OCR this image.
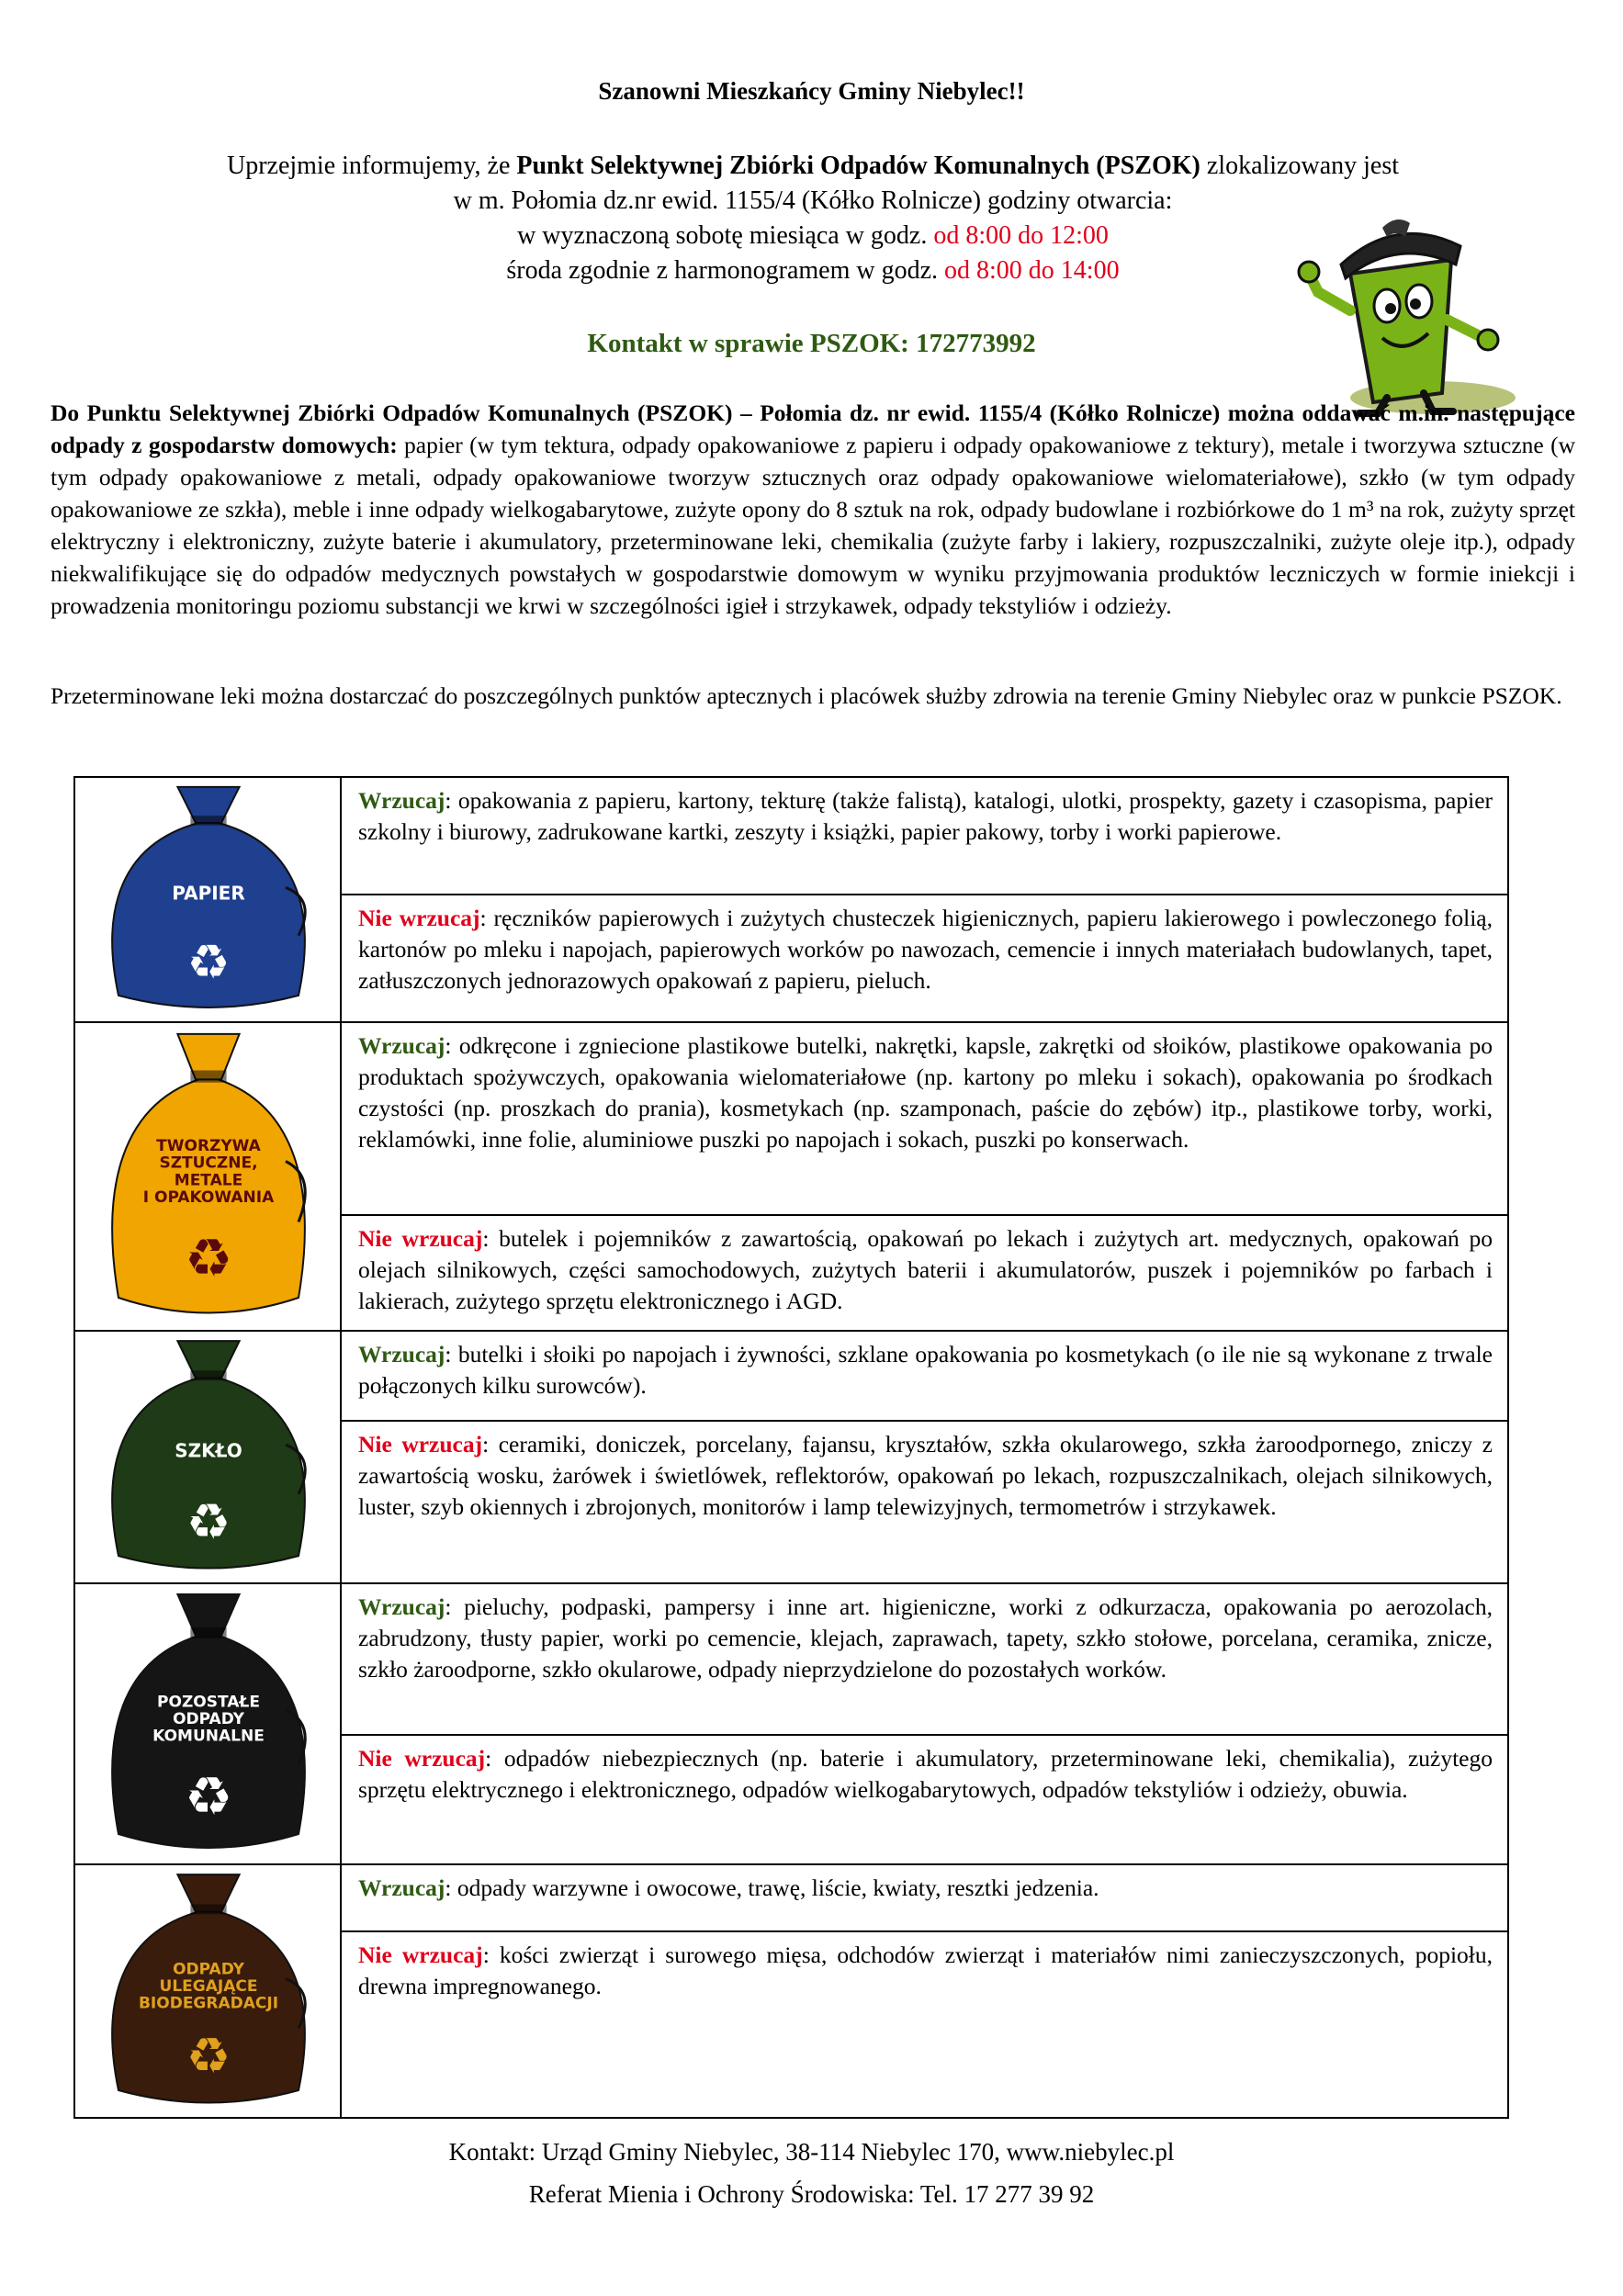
Szanowni Mieszkańcy Gminy Niebylec!!
Uprzejmie informujemy, że Punkt Selektywnej Zbiórki Odpadów Komunalnych (PSZOK) zlokalizowany jest
w m. Połomia dz.nr ewid. 1155/4 (Kółko Rolnicze) godziny otwarcia:
w wyznaczoną sobotę miesiąca w godz. od 8:00 do 12:00
środa zgodnie z harmonogramem w godz. od 8:00 do 14:00
Kontakt w sprawie PSZOK: 172773992
Do Punktu Selektywnej Zbiórki Odpadów Komunalnych (PSZOK) – Połomia dz. nr ewid. 1155/4 (Kółko Rolnicze) można oddawać m.in. następujące odpady z gospodarstw domowych: papier (w tym tektura, odpady opakowaniowe z papieru i odpady opakowaniowe z tektury), metale i tworzywa sztuczne (w tym odpady opakowaniowe z metali, odpady opakowaniowe tworzyw sztucznych oraz odpady opakowaniowe wielomateriałowe), szkło (w tym odpady opakowaniowe ze szkła), meble i inne odpady wielkogabarytowe, zużyte opony do 8 sztuk na rok, odpady budowlane i rozbiórkowe do 1 m³ na rok, zużyty sprzęt elektryczny i elektroniczny, zużyte baterie i akumulatory, przeterminowane leki, chemikalia (zużyte farby i lakiery, rozpuszczalniki, zużyte oleje itp.), odpady niekwalifikujące się do odpadów medycznych powstałych w gospodarstwie domowym w wyniku przyjmowania produktów leczniczych w formie iniekcji i prowadzenia monitoringu poziomu substancji we krwi w szczególności igieł i strzykawek, odpady tekstyliów i odzieży.
Przeterminowane leki można dostarczać do poszczególnych punktów aptecznych i placówek służby zdrowia na terenie Gminy Niebylec oraz w punkcie PSZOK.
PAPIER
♻
Wrzucaj: opakowania z papieru, kartony, tekturę (także falistą), katalogi, ulotki, prospekty, gazety i czasopisma, papier szkolny i biurowy, zadrukowane kartki, zeszyty i książki, papier pakowy, torby i worki papierowe.
Nie wrzucaj: ręczników papierowych i zużytych chusteczek higienicznych, papieru lakierowego i powleczonego folią, kartonów po mleku i napojach, papierowych worków po nawozach, cemencie i innych materiałach budowlanych, tapet, zatłuszczonych jednorazowych opakowań z papieru, pieluch.
TWORZYWA SZTUCZNE, METALE I OPAKOWANIA
♻
Wrzucaj: odkręcone i zgniecione plastikowe butelki, nakrętki, kapsle, zakrętki od słoików, plastikowe opakowania po produktach spożywczych, opakowania wielomateriałowe (np. kartony po mleku i sokach), opakowania po środkach czystości (np. proszkach do prania), kosmetykach (np. szamponach, paście do zębów) itp., plastikowe torby, worki, reklamówki, inne folie, aluminiowe puszki po napojach i sokach, puszki po konserwach.
Nie wrzucaj: butelek i pojemników z zawartością, opakowań po lekach i zużytych art. medycznych, opakowań po olejach silnikowych, części samochodowych, zużytych baterii i akumulatorów, puszek i pojemników po farbach i lakierach, zużytego sprzętu elektronicznego i AGD.
SZKŁO
♻
Wrzucaj: butelki i słoiki po napojach i żywności, szklane opakowania po kosmetykach (o ile nie są wykonane z trwale połączonych kilku surowców).
Nie wrzucaj: ceramiki, doniczek, porcelany, fajansu, kryształów, szkła okularowego, szkła żaroodpornego, zniczy z zawartością wosku, żarówek i świetlówek, reflektorów, opakowań po lekach, rozpuszczalnikach, olejach silnikowych, luster, szyb okiennych i zbrojonych, monitorów i lamp telewizyjnych, termometrów i strzykawek.
POZOSTAŁE ODPADY KOMUNALNE
♻
Wrzucaj: pieluchy, podpaski, pampersy i inne art. higieniczne, worki z odkurzacza, opakowania po aerozolach, zabrudzony, tłusty papier, worki po cemencie, klejach, zaprawach, tapety, szkło stołowe, porcelana, ceramika, znicze, szkło żaroodporne, szkło okularowe, odpady nieprzydzielone do pozostałych worków.
Nie wrzucaj: odpadów niebezpiecznych (np. baterie i akumulatory, przeterminowane leki, chemikalia), zużytego sprzętu elektrycznego i elektronicznego, odpadów wielkogabarytowych, odpadów tekstyliów i odzieży, obuwia.
ODPADY ULEGAJĄCE BIODEGRADACJI
♻
Wrzucaj: odpady warzywne i owocowe, trawę, liście, kwiaty, resztki jedzenia.
Nie wrzucaj: kości zwierząt i surowego mięsa, odchodów zwierząt i materiałów nimi zanieczyszczonych, popiołu, drewna impregnowanego.
Kontakt: Urząd Gminy Niebylec, 38-114 Niebylec 170, www.niebylec.pl
Referat Mienia i Ochrony Środowiska: Tel. 17 277 39 92
